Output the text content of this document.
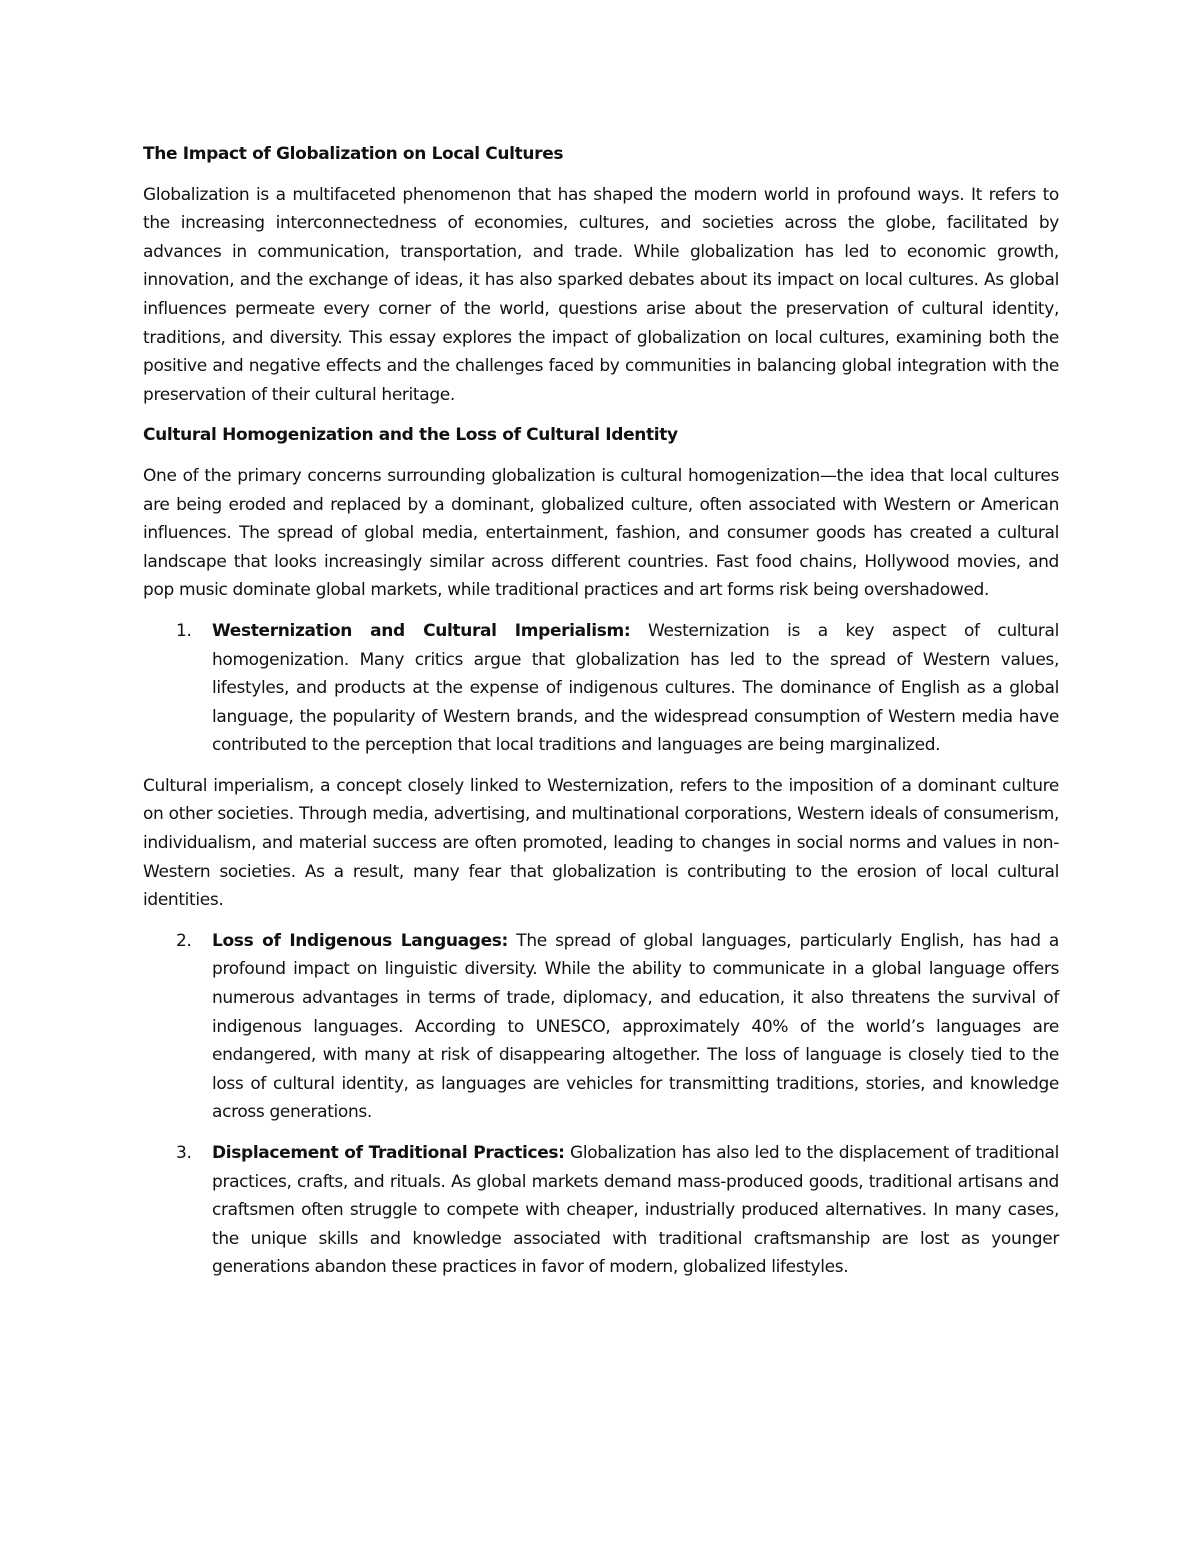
The Impact of Globalization on Local Cultures

Globalization is a multifaceted phenomenon that has shaped the modern world in profound ways. It refers to the increasing interconnectedness of economies, cultures, and societies across the globe, facilitated by advances in communication, transportation, and trade. While globalization has led to economic growth, innovation, and the exchange of ideas, it has also sparked debates about its impact on local cultures. As global influences permeate every corner of the world, questions arise about the preservation of cultural identity, traditions, and diversity. This essay explores the impact of globalization on local cultures, examining both the positive and negative effects and the challenges faced by communities in balancing global integration with the preservation of their cultural heritage.

Cultural Homogenization and the Loss of Cultural Identity

One of the primary concerns surrounding globalization is cultural homogenization—the idea that local cultures are being eroded and replaced by a dominant, globalized culture, often associated with Western or American influences. The spread of global media, entertainment, fashion, and consumer goods has created a cultural landscape that looks increasingly similar across different countries. Fast food chains, Hollywood movies, and pop music dominate global markets, while traditional practices and art forms risk being overshadowed.

1.	Westernization and Cultural Imperialism: Westernization is a key aspect of cultural homogenization. Many critics argue that globalization has led to the spread of Western values, lifestyles, and products at the expense of indigenous cultures. The dominance of English as a global language, the popularity of Western brands, and the widespread consumption of Western media have contributed to the perception that local traditions and languages are being marginalized.

Cultural imperialism, a concept closely linked to Westernization, refers to the imposition of a dominant culture on other societies. Through media, advertising, and multinational corporations, Western ideals of consumerism, individualism, and material success are often promoted, leading to changes in social norms and values in non-Western societies. As a result, many fear that globalization is contributing to the erosion of local cultural identities.

2.	Loss of Indigenous Languages: The spread of global languages, particularly English, has had a profound impact on linguistic diversity. While the ability to communicate in a global language offers numerous advantages in terms of trade, diplomacy, and education, it also threatens the survival of indigenous languages. According to UNESCO, approximately 40% of the world’s languages are endangered, with many at risk of disappearing altogether. The loss of language is closely tied to the loss of cultural identity, as languages are vehicles for transmitting traditions, stories, and knowledge across generations.
3.	Displacement of Traditional Practices: Globalization has also led to the displacement of traditional practices, crafts, and rituals. As global markets demand mass-produced goods, traditional artisans and craftsmen often struggle to compete with cheaper, industrially produced alternatives. In many cases, the unique skills and knowledge associated with traditional craftsmanship are lost as younger generations abandon these practices in favor of modern, globalized lifestyles.
